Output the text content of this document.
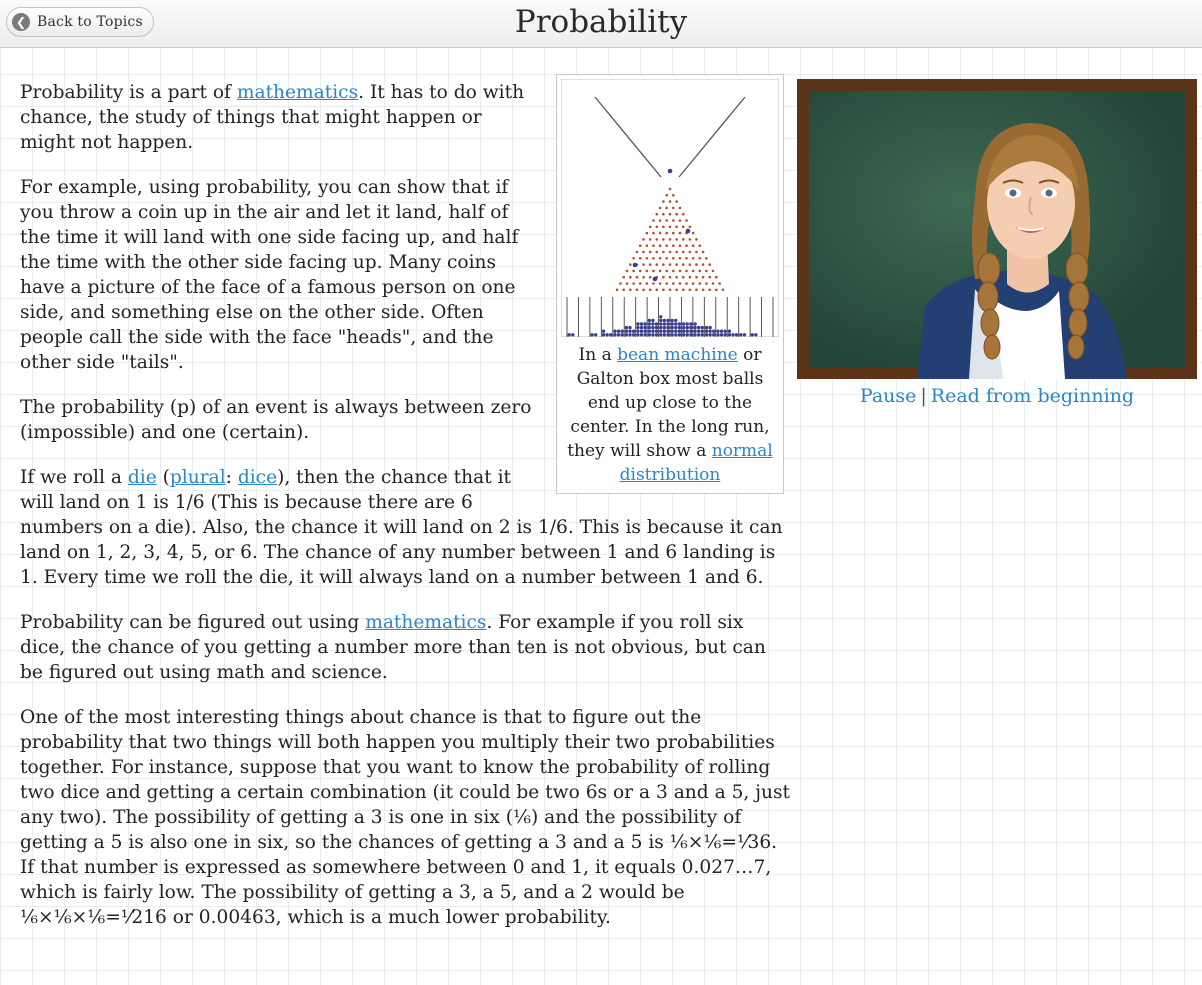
❮ Back to Topics	Probability
In a bean machine or Galton box most balls end up close to the center. In the long run, they will show a normal distribution

Probability is a part of mathematics. It has to do with chance, the study of things that might happen or might not happen.

For example, using probability, you can show that if you throw a coin up in the air and let it land, half of the time it will land with one side facing up, and half the time with the other side facing up. Many coins have a picture of the face of a famous person on one side, and something else on the other side. Often people call the side with the face "heads", and the other side "tails".

The probability (p) of an event is always between zero (impossible) and one (certain).

If we roll a die (plural: dice), then the chance that it will land on 1 is 1/6 (This is because there are 6 numbers on a die). Also, the chance it will land on 2 is 1/6. This is because it can land on 1, 2, 3, 4, 5, or 6. The chance of any number between 1 and 6 landing is 1. Every time we roll the die, it will always land on a number between 1 and 6.

Probability can be figured out using mathematics. For example if you roll six dice, the chance of you getting a number more than ten is not obvious, but can be figured out using math and science.

One of the most interesting things about chance is that to figure out the probability that two things will both happen you multiply their two probabilities together. For instance, suppose that you want to know the probability of rolling two dice and getting a certain combination (it could be two 6s or a 3 and a 5, just any two). The possibility of getting a 3 is one in six (⅙) and the possibility of getting a 5 is also one in six, so the chances of getting a 3 and a 5 is ⅙×⅙=⅟36. If that number is expressed as somewhere between 0 and 1, it equals 0.027…7, which is fairly low. The possibility of getting a 3, a 5, and a 2 would be ⅙×⅙×⅙=⅟216 or 0.00463, which is a much lower probability.

Pause | Read from beginning
